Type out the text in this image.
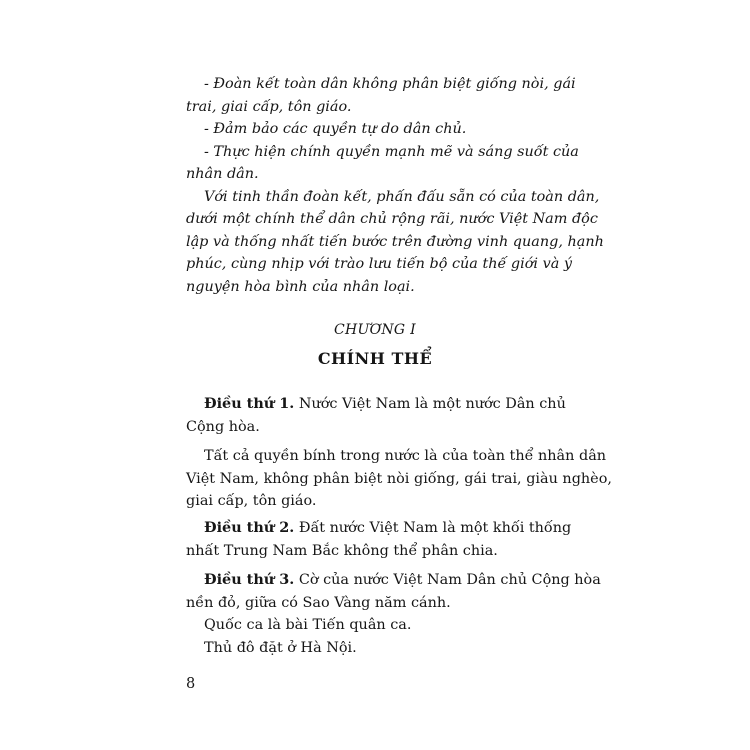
- Đoàn kết toàn dân không phân biệt giống nòi, gái
trai, giai cấp, tôn giáo.
- Đảm bảo các quyền tự do dân chủ.
- Thực hiện chính quyền mạnh mẽ và sáng suốt của
nhân dân.
Với tinh thần đoàn kết, phấn đấu sẵn có của toàn dân,
dưới một chính thể dân chủ rộng rãi, nước Việt Nam độc
lập và thống nhất tiến bước trên đường vinh quang, hạnh
phúc, cùng nhịp với trào lưu tiến bộ của thế giới và ý
nguyện hòa bình của nhân loại.
CHƯƠNG I
CHÍNH THỂ
Điều thứ 1. Nước Việt Nam là một nước Dân chủ
Cộng hòa.
Tất cả quyền bính trong nước là của toàn thể nhân dân
Việt Nam, không phân biệt nòi giống, gái trai, giàu nghèo,
giai cấp, tôn giáo.
Điều thứ 2. Đất nước Việt Nam là một khối thống
nhất Trung Nam Bắc không thể phân chia.
Điều thứ 3. Cờ của nước Việt Nam Dân chủ Cộng hòa
nền đỏ, giữa có Sao Vàng năm cánh.
Quốc ca là bài Tiến quân ca.
Thủ đô đặt ở Hà Nội.
8
